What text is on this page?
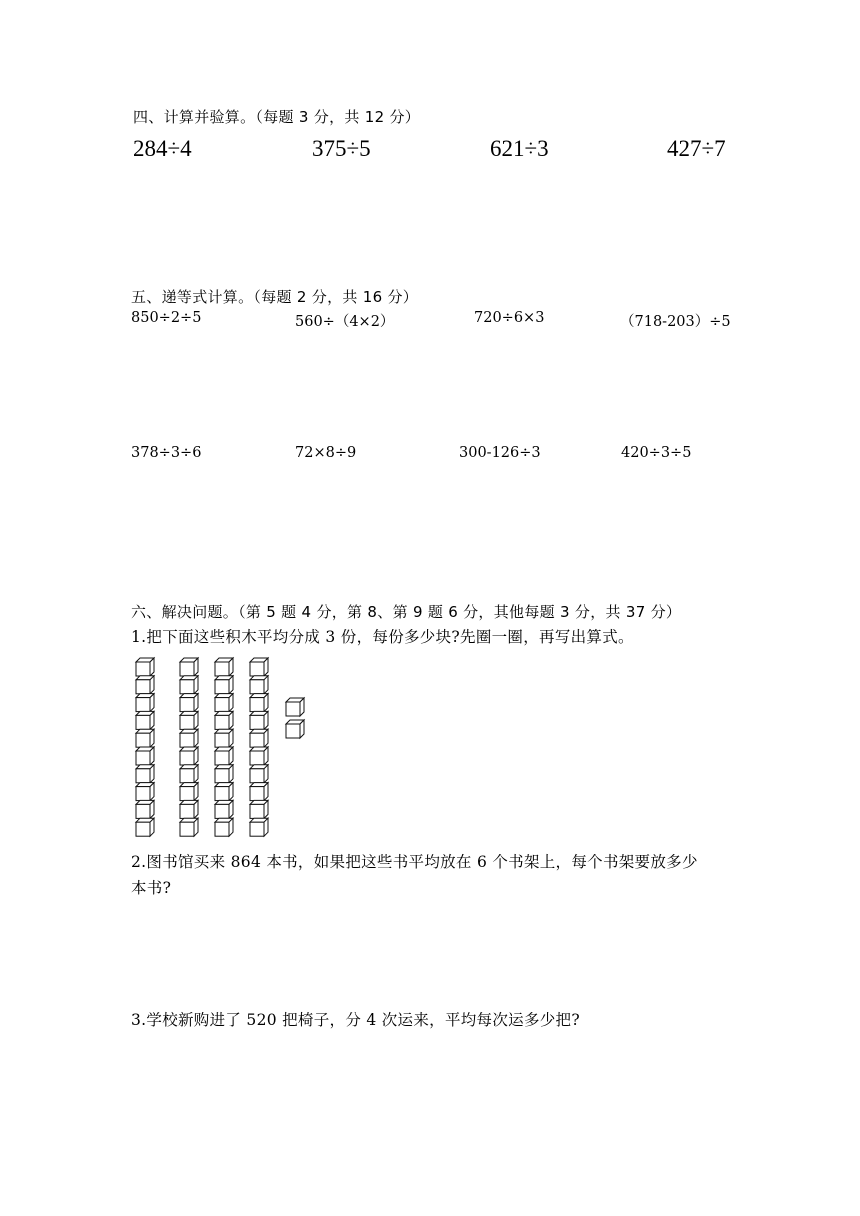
四、计算并验算。（每题 3 分，共 12 分）
284÷4	375÷5	621÷3	427÷7
五、递等式计算。（每题 2 分，共 16 分）
850÷2÷5	560÷（4×2）	720÷6×3	（718-203）÷5
378÷3÷6	72×8÷9	300-126÷3	420÷3÷5
六、解决问题。（第 5 题 4 分，第 8、第 9 题 6 分，其他每题 3 分，共 37 分）
1.把下面这些积木平均分成 3 份，每份多少块?先圈一圈，再写出算式。
2.图书馆买来 864 本书，如果把这些书平均放在 6 个书架上，每个书架要放多少
本书?
3.学校新购进了 520 把椅子，分 4 次运来，平均每次运多少把?
